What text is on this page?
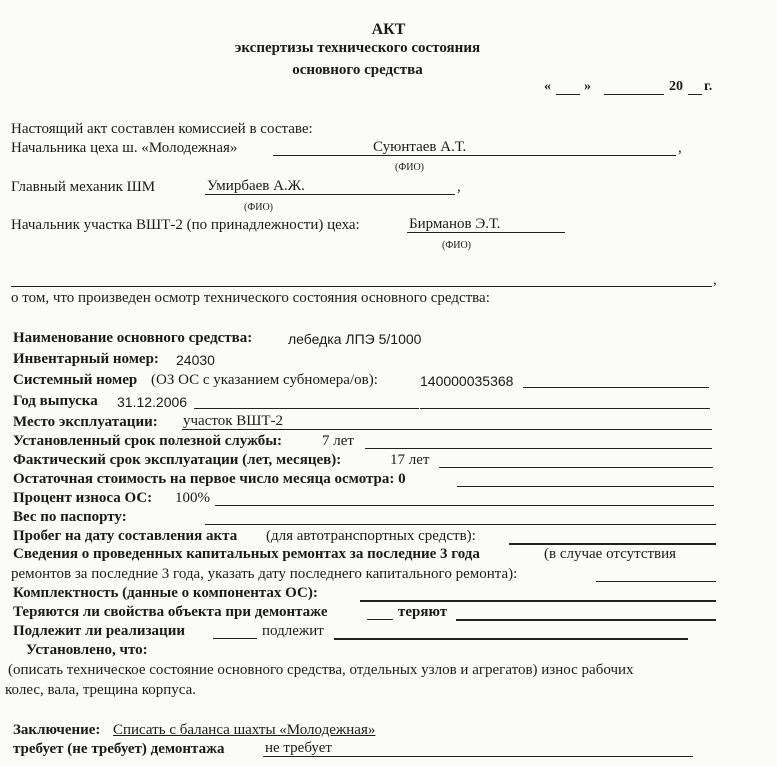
АКТ
экспертизы технического состояния
основного средства
« »	20 г.
Настоящий акт составлен комиссией в составе:
Начальника цеха ш. «Молодежная»	Суюнтаев А.Т.	,
(ФИО)
Главный механик ШМ	Умирбаев А.Ж.	,
(ФИО)
Начальник участка ВШТ-2 (по принадлежности) цеха:	Бирманов Э.Т.
(ФИО)
,
о том, что произведен осмотр технического состояния основного средства:
Наименование основного средства:	лебедка ЛПЭ 5/1000
Инвентарный номер: 24030
Системный номер (ОЗ ОС с указанием субномера/ов):	140000035368
Год выпуска 31.12.2006
Место эксплуатации: участок ВШТ-2
Установленный срок полезной службы:	7 лет
Фактический срок эксплуатации (лет, месяцев):	17 лет
Остаточная стоимость на первое число месяца осмотра: 0
Процент износа ОС: 100%
Вес по паспорту:
Пробег на дату составления акта (для автотранспортных средств):
Сведения о проведенных капитальных ремонтах за последние 3 года	(в случае отсутствия
ремонтов за последние 3 года, указать дату последнего капитального ремонта):
Комплектность (данные о компонентах ОС):
Теряются ли свойства объекта при демонтаже	теряют
Подлежит ли реализации	подлежит
Установлено, что:
(описать техническое состояние основного средства, отдельных узлов и агрегатов) износ рабочих
колес, вала, трещина корпуса.
Заключение: Списать с баланса шахты «Молодежная»
требует (не требует) демонтажа	не требует
